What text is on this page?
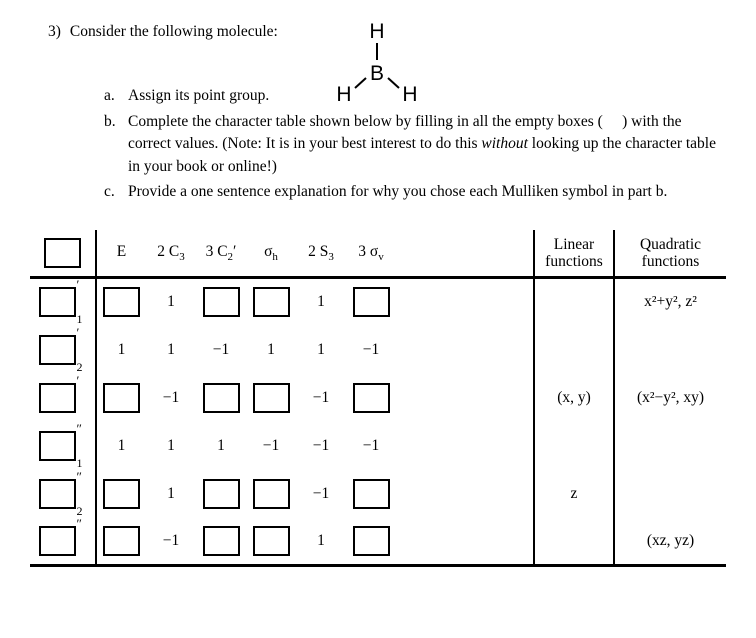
3) Consider the following molecule:	H
B
H H
a. Assign its point group.
b. Complete the character table shown below by filling in all the empty boxes (     ) with the correct values. (Note: It is in your best interest to do this without looking up the character table in your book or online!)
c. Provide a one sentence explanation for why you chose each Mulliken symbol in part b.
	E	2 $C_3$	3 $C_2'$	$\sigma_h$	2 $S_3$	3 $\sigma_v$		Linear functions	Quadratic functions

′
1		1			1				x²+y², z²

′
2	1	1	−1	1	1	−1			

′		−1			−1			(x, y)	(x²−y², xy)

″
1	1	1	1	−1	−1	−1			

″
2		1			−1			z	

″		−1			1				(xz, yz)
